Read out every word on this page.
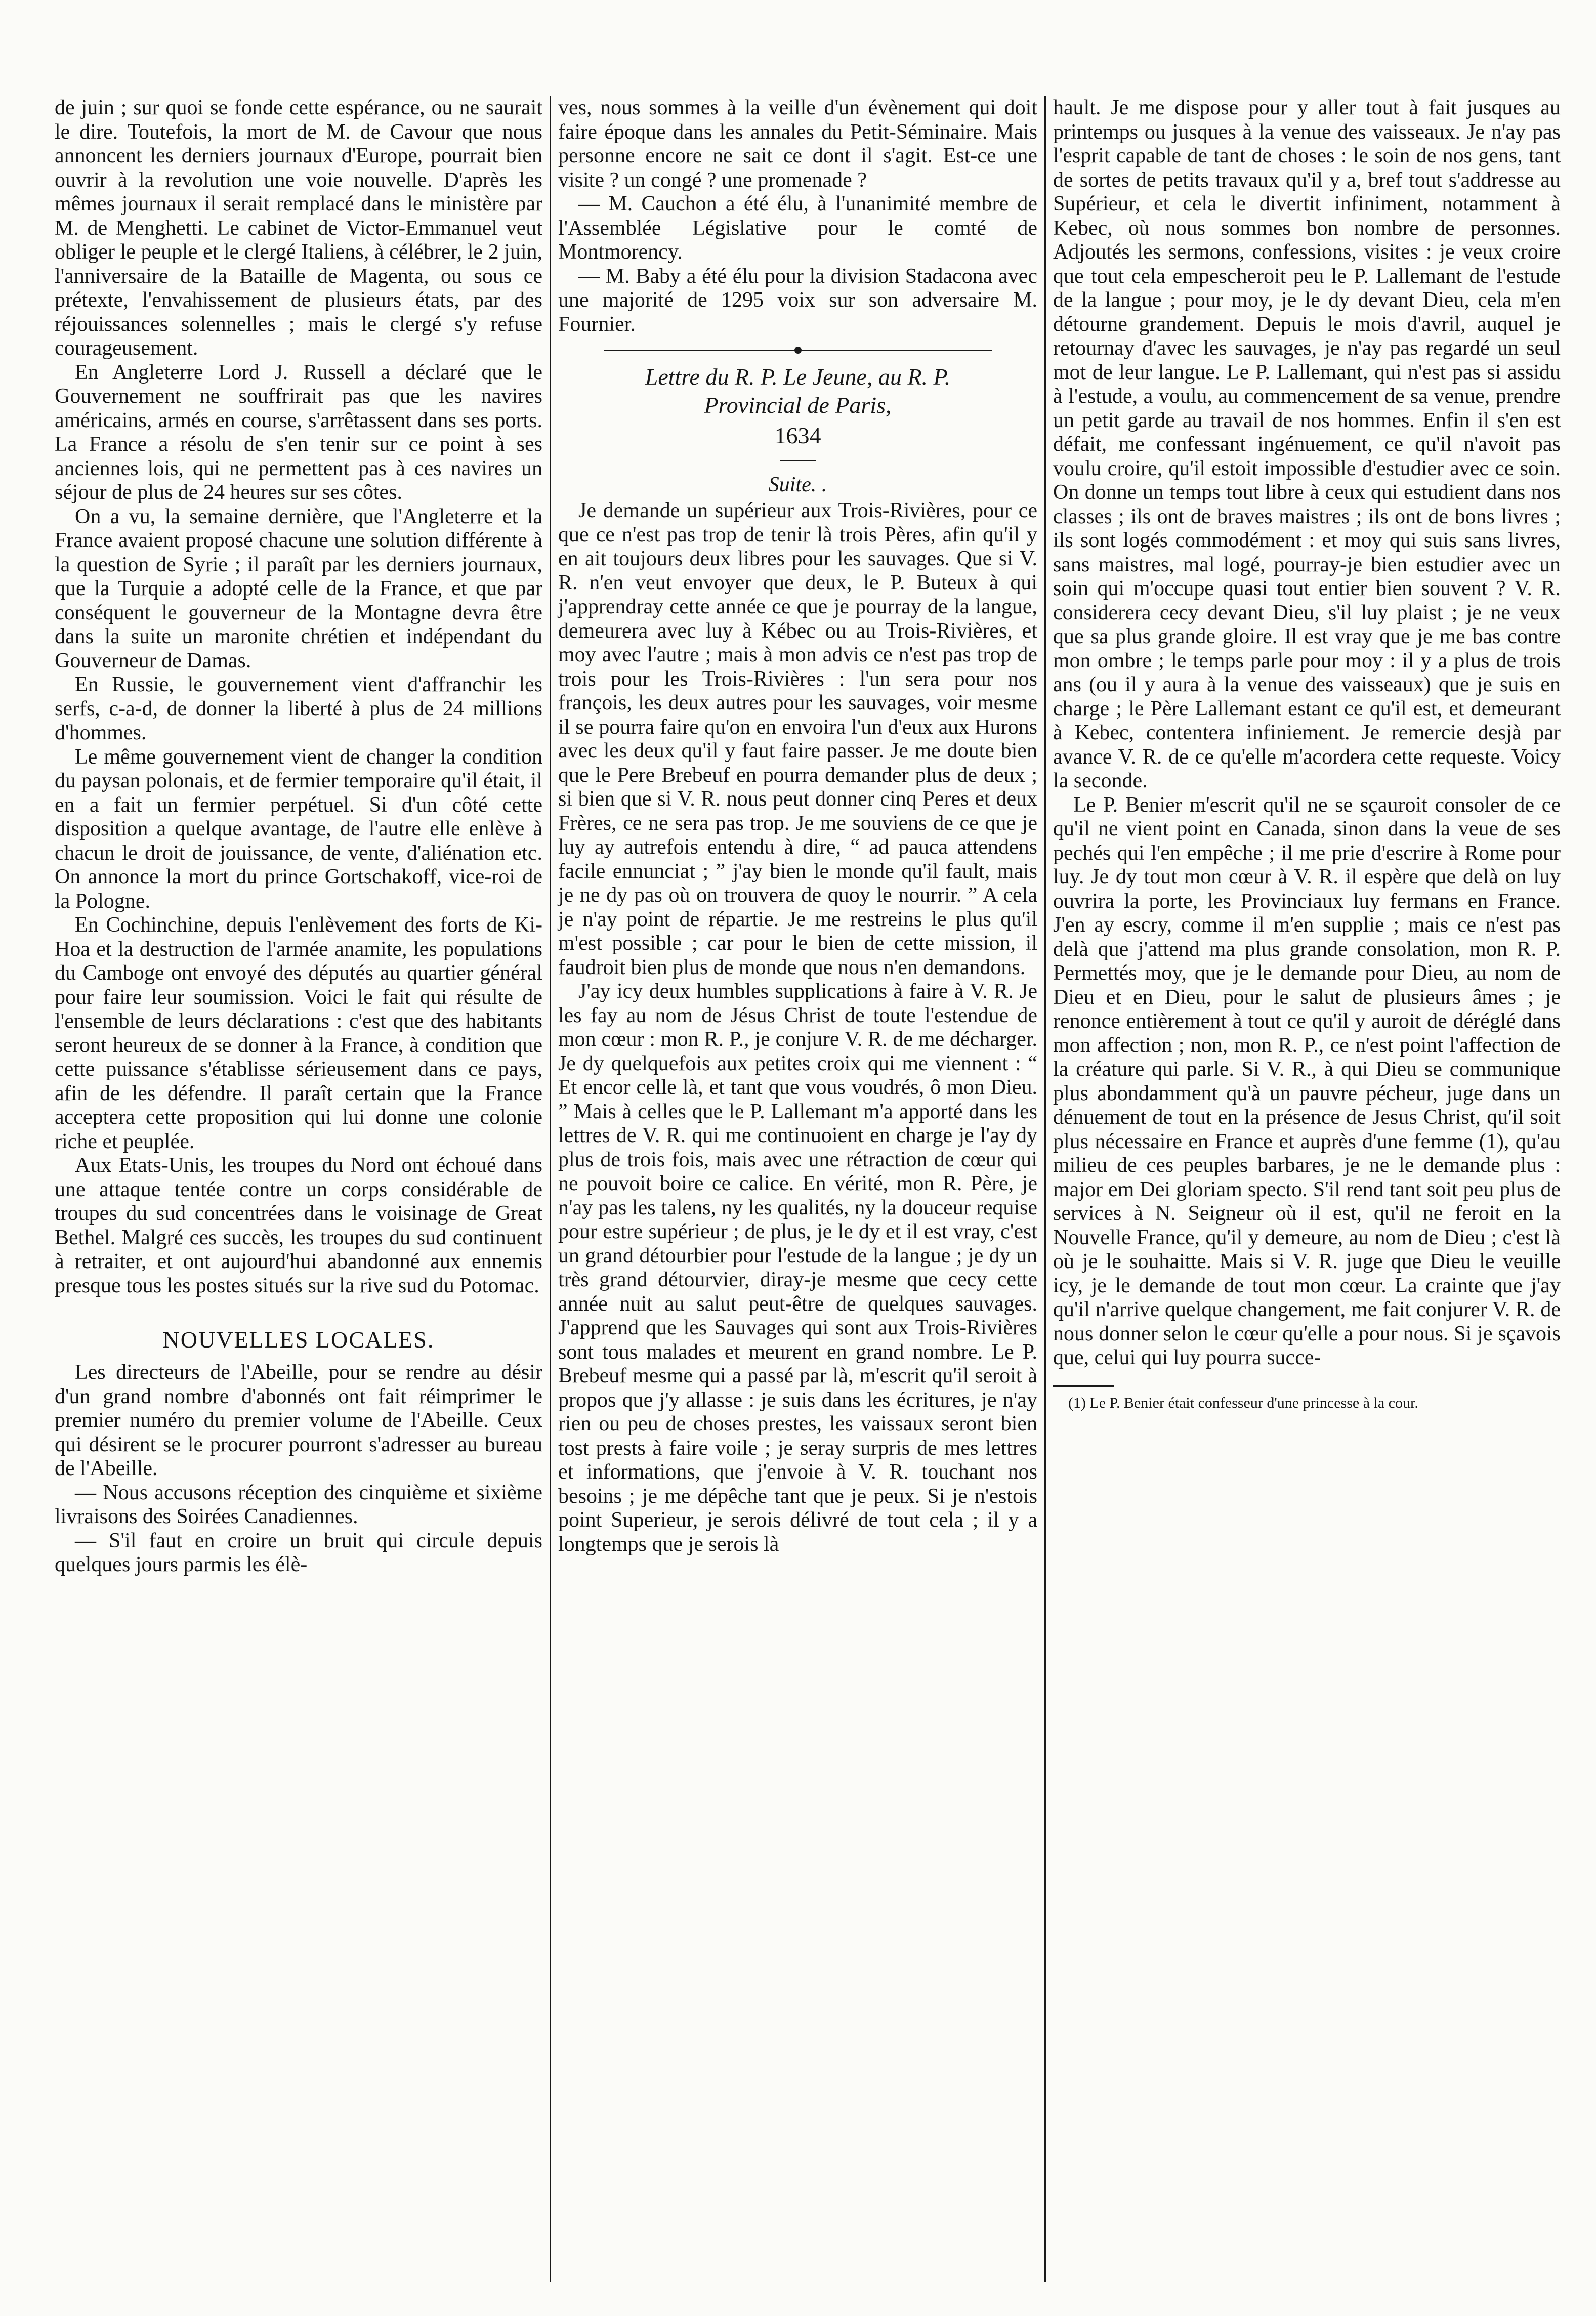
de juin ; sur quoi se fonde cette espérance, ou ne saurait le dire. Toutefois, la mort de M. de Cavour que nous annoncent les derniers journaux d'Europe, pourrait bien ouvrir à la revolution une voie nouvelle. D'après les mêmes journaux il serait remplacé dans le ministère par M. de Menghetti. Le cabinet de Victor-Emmanuel veut obliger le peuple et le clergé Italiens, à célébrer, le 2 juin, l'anniversaire de la Bataille de Magenta, ou sous ce prétexte, l'envahissement de plusieurs états, par des réjouissances solennelles ; mais le clergé s'y refuse courageusement.

En Angleterre Lord J. Russell a déclaré que le Gouvernement ne souffrirait pas que les navires américains, armés en course, s'arrêtassent dans ses ports. La France a résolu de s'en tenir sur ce point à ses anciennes lois, qui ne permettent pas à ces navires un séjour de plus de 24 heures sur ses côtes.

On a vu, la semaine dernière, que l'Angleterre et la France avaient proposé chacune une solution différente à la question de Syrie ; il paraît par les derniers journaux, que la Turquie a adopté celle de la France, et que par conséquent le gouverneur de la Montagne devra être dans la suite un maronite chrétien et indépendant du Gouverneur de Damas.

En Russie, le gouvernement vient d'affranchir les serfs, c-a-d, de donner la liberté à plus de 24 millions d'hommes.

Le même gouvernement vient de changer la condition du paysan polonais, et de fermier temporaire qu'il était, il en a fait un fermier perpétuel. Si d'un côté cette disposition a quelque avantage, de l'autre elle enlève à chacun le droit de jouissance, de vente, d'aliénation etc. On annonce la mort du prince Gortschakoff, vice-roi de la Pologne.

En Cochinchine, depuis l'enlèvement des forts de Ki-Hoa et la destruction de l'armée anamite, les populations du Camboge ont envoyé des députés au quartier général pour faire leur soumission. Voici le fait qui résulte de l'ensemble de leurs déclarations : c'est que des habitants seront heureux de se donner à la France, à condition que cette puissance s'établisse sérieusement dans ce pays, afin de les défendre. Il paraît certain que la France acceptera cette proposition qui lui donne une colonie riche et peuplée.

Aux Etats-Unis, les troupes du Nord ont échoué dans une attaque tentée contre un corps considérable de troupes du sud concentrées dans le voisinage de Great Bethel. Malgré ces succès, les troupes du sud continuent à retraiter, et ont aujourd'hui abandonné aux ennemis presque tous les postes situés sur la rive sud du Potomac.

NOUVELLES LOCALES.

Les directeurs de l'Abeille, pour se rendre au désir d'un grand nombre d'abonnés ont fait réimprimer le premier numéro du premier volume de l'Abeille. Ceux qui désirent se le procurer pourront s'adresser au bureau de l'Abeille.

— Nous accusons réception des cinquième et sixième livraisons des Soirées Canadiennes.

— S'il faut en croire un bruit qui circule depuis quelques jours parmis les élè-

ves, nous sommes à la veille d'un évènement qui doit faire époque dans les annales du Petit-Séminaire. Mais personne encore ne sait ce dont il s'agit. Est-ce une visite ? un congé ? une promenade ?

— M. Cauchon a été élu, à l'unanimité membre de l'Assemblée Législative pour le comté de Montmorency.

— M. Baby a été élu pour la division Stadacona avec une majorité de 1295 voix sur son adversaire M. Fournier.

Lettre du R. P. Le Jeune, au R. P.
Provincial de Paris,
1634
Suite. .

Je demande un supérieur aux Trois-Rivières, pour ce que ce n'est pas trop de tenir là trois Pères, afin qu'il y en ait toujours deux libres pour les sauvages. Que si V. R. n'en veut envoyer que deux, le P. Buteux à qui j'apprendray cette année ce que je pourray de la langue, demeurera avec luy à Kébec ou au Trois-Rivières, et moy avec l'autre ; mais à mon advis ce n'est pas trop de trois pour les Trois-Rivières : l'un sera pour nos françois, les deux autres pour les sauvages, voir mesme il se pourra faire qu'on en envoira l'un d'eux aux Hurons avec les deux qu'il y faut faire passer. Je me doute bien que le Pere Brebeuf en pourra demander plus de deux ; si bien que si V. R. nous peut donner cinq Peres et deux Frères, ce ne sera pas trop. Je me souviens de ce que je luy ay autrefois entendu à dire, “ ad pauca attendens facile ennunciat ; ” j'ay bien le monde qu'il fault, mais je ne dy pas où on trouvera de quoy le nourrir. ” A cela je n'ay point de répartie. Je me restreins le plus qu'il m'est possible ; car pour le bien de cette mission, il faudroit bien plus de monde que nous n'en demandons.

J'ay icy deux humbles supplications à faire à V. R. Je les fay au nom de Jésus Christ de toute l'estendue de mon cœur : mon R. P., je conjure V. R. de me décharger. Je dy quelquefois aux petites croix qui me viennent : “ Et encor celle là, et tant que vous voudrés, ô mon Dieu. ” Mais à celles que le P. Lallemant m'a apporté dans les lettres de V. R. qui me continuoient en charge je l'ay dy plus de trois fois, mais avec une rétraction de cœur qui ne pouvoit boire ce calice. En vérité, mon R. Père, je n'ay pas les talens, ny les qualités, ny la douceur requise pour estre supérieur ; de plus, je le dy et il est vray, c'est un grand détourbier pour l'estude de la langue ; je dy un très grand détourvier, diray-je mesme que cecy cette année nuit au salut peut-être de quelques sauvages. J'apprend que les Sauvages qui sont aux Trois-Rivières sont tous malades et meurent en grand nombre. Le P. Brebeuf mesme qui a passé par là, m'escrit qu'il seroit à propos que j'y allasse : je suis dans les écritures, je n'ay rien ou peu de choses prestes, les vaissaux seront bien tost prests à faire voile ; je seray surpris de mes lettres et informations, que j'envoie à V. R. touchant nos besoins ; je me dépêche tant que je peux. Si je n'estois point Superieur, je serois délivré de tout cela ; il y a longtemps que je serois là

hault. Je me dispose pour y aller tout à fait jusques au printemps ou jusques à la venue des vaisseaux. Je n'ay pas l'esprit capable de tant de choses : le soin de nos gens, tant de sortes de petits travaux qu'il y a, bref tout s'addresse au Supérieur, et cela le divertit infiniment, notamment à Kebec, où nous sommes bon nombre de personnes. Adjoutés les sermons, confessions, visites : je veux croire que tout cela empescheroit peu le P. Lallemant de l'estude de la langue ; pour moy, je le dy devant Dieu, cela m'en détourne grandement. Depuis le mois d'avril, auquel je retournay d'avec les sauvages, je n'ay pas regardé un seul mot de leur langue. Le P. Lallemant, qui n'est pas si assidu à l'estude, a voulu, au commencement de sa venue, prendre un petit garde au travail de nos hommes. Enfin il s'en est défait, me confessant ingénuement, ce qu'il n'avoit pas voulu croire, qu'il estoit impossible d'estudier avec ce soin. On donne un temps tout libre à ceux qui estudient dans nos classes ; ils ont de braves maistres ; ils ont de bons livres ; ils sont logés commodément : et moy qui suis sans livres, sans maistres, mal logé, pourray-je bien estudier avec un soin qui m'occupe quasi tout entier bien souvent ? V. R. considerera cecy devant Dieu, s'il luy plaist ; je ne veux que sa plus grande gloire. Il est vray que je me bas contre mon ombre ; le temps parle pour moy : il y a plus de trois ans (ou il y aura à la venue des vaisseaux) que je suis en charge ; le Père Lallemant estant ce qu'il est, et demeurant à Kebec, contentera infiniement. Je remercie desjà par avance V. R. de ce qu'elle m'acordera cette requeste. Voicy la seconde.

Le P. Benier m'escrit qu'il ne se sçauroit consoler de ce qu'il ne vient point en Canada, sinon dans la veue de ses pechés qui l'en empêche ; il me prie d'escrire à Rome pour luy. Je dy tout mon cœur à V. R. il espère que delà on luy ouvrira la porte, les Provinciaux luy fermans en France. J'en ay escry, comme il m'en supplie ; mais ce n'est pas delà que j'attend ma plus grande consolation, mon R. P. Permettés moy, que je le demande pour Dieu, au nom de Dieu et en Dieu, pour le salut de plusieurs âmes ; je renonce entièrement à tout ce qu'il y auroit de déréglé dans mon affection ; non, mon R. P., ce n'est point l'affection de la créature qui parle. Si V. R., à qui Dieu se communique plus abondamment qu'à un pauvre pécheur, juge dans un dénuement de tout en la présence de Jesus Christ, qu'il soit plus nécessaire en France et auprès d'une femme (1), qu'au milieu de ces peuples barbares, je ne le demande plus : major em Dei gloriam specto. S'il rend tant soit peu plus de services à N. Seigneur où il est, qu'il ne feroit en la Nouvelle France, qu'il y demeure, au nom de Dieu ; c'est là où je le souhaitte. Mais si V. R. juge que Dieu le veuille icy, je le demande de tout mon cœur. La crainte que j'ay qu'il n'arrive quelque changement, me fait conjurer V. R. de nous donner selon le cœur qu'elle a pour nous. Si je sçavois que, celui qui luy pourra succe-

(1) Le P. Benier était confesseur d'une princesse à la cour.
